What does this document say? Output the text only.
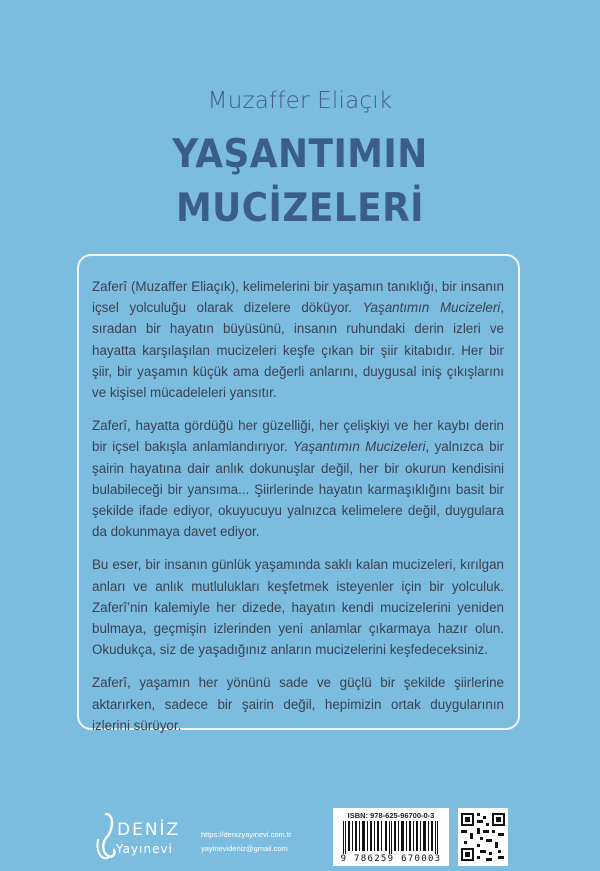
Muzaffer Eliaçık
YAŞANTIMIN
MUCİZELERİ

Zaferî (Muzaffer Eliaçık), kelimelerini bir yaşamın tanıklığı, bir insanın içsel yolculuğu olarak dizelere döküyor. Yaşantımın Mucizeleri, sıradan bir hayatın büyüsünü, insanın ruhundaki derin izleri ve hayatta karşılaşılan mucizeleri keşfe çıkan bir şiir kitabıdır. Her bir şiir, bir yaşamın küçük ama değerli anlarını, duygusal iniş çıkışlarını ve kişisel mücadeleleri yansıtır.

Zaferî, hayatta gördüğü her güzelliği, her çelişkiyi ve her kaybı derin bir içsel bakışla anlamlandırıyor. Yaşantımın Mucizeleri, yalnızca bir şairin hayatına dair anlık dokunuşlar değil, her bir okurun kendisini bulabileceği bir yansıma... Şiirlerinde hayatın karmaşıklığını basit bir şekilde ifade ediyor, okuyucuyu yalnızca kelimelere değil, duygulara da dokunmaya davet ediyor.

Bu eser, bir insanın günlük yaşamında saklı kalan mucizeleri, kırılgan anları ve anlık mutlulukları keşfetmek isteyenler için bir yolculuk. Zaferî’nin kalemiyle her dizede, hayatın kendi mucizelerini yeniden bulmaya, geçmişin izlerinden yeni anlamlar çıkarmaya hazır olun. Okudukça, siz de yaşadığınız anların mucizelerini keşfedeceksiniz.

Zaferî, yaşamın her yönünü sade ve güçlü bir şekilde şiirlerine aktarırken, sadece bir şairin değil, hepimizin ortak duygularının izlerini sürüyor.

DENİZ
Yayınevi
https://denizyayinevi.com.tr
yayinevideniz@gmail.com
ISBN: 978-625-96700-0-3
9 786259 670003
